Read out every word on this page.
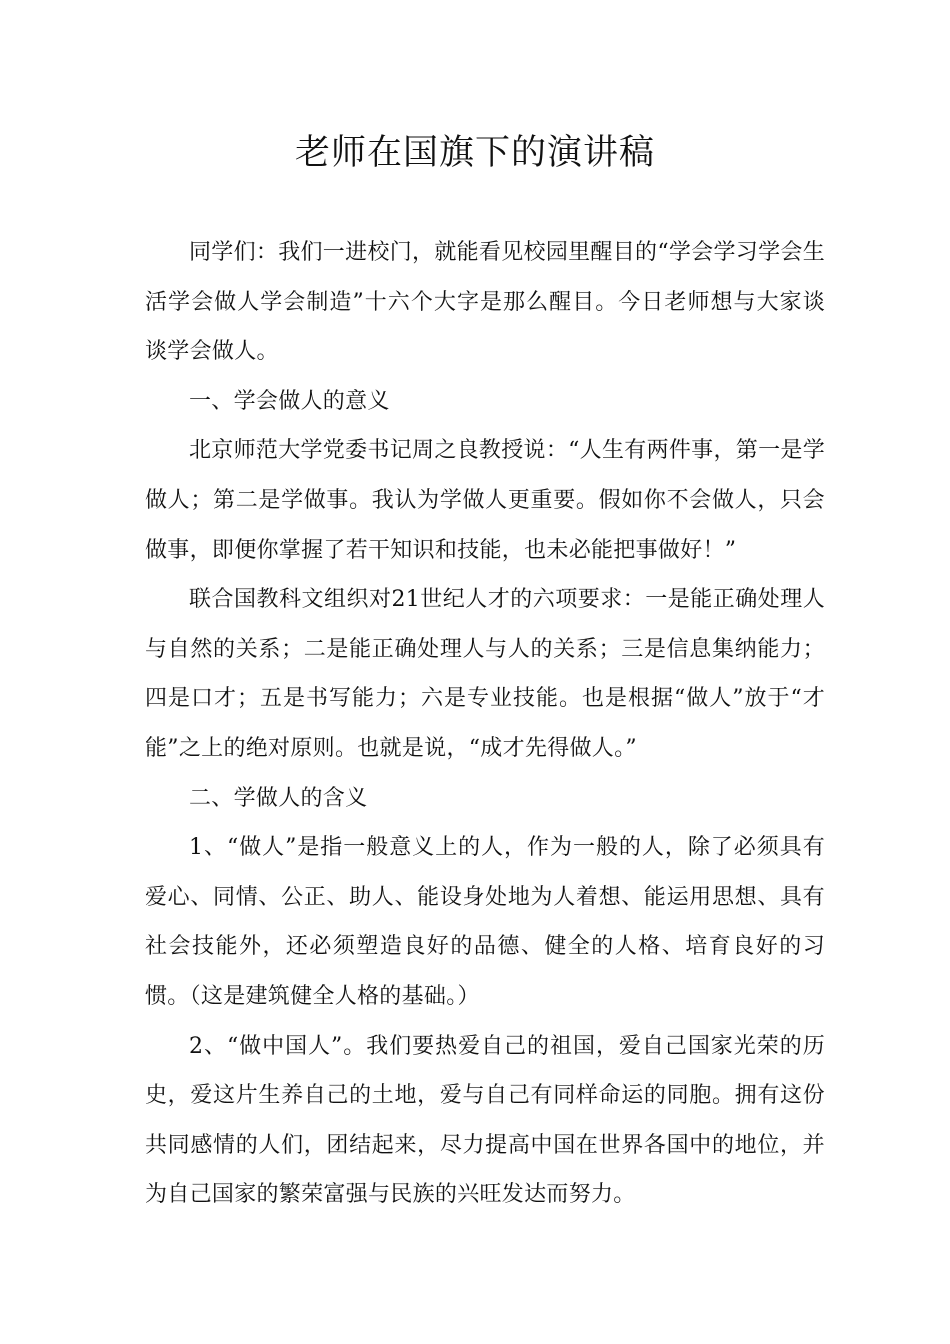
老师在国旗下的演讲稿

同学们：我们一进校门，就能看见校园里醒目的“学会学习学会生活学会做人学会制造”十六个大字是那么醒目。今日老师想与大家谈谈学会做人。

一、学会做人的意义

北京师范大学党委书记周之良教授说：“人生有两件事，第一是学做人；第二是学做事。我认为学做人更重要。假如你不会做人，只会做事，即便你掌握了若干知识和技能，也未必能把事做好！”

联合国教科文组织对21世纪人才的六项要求：一是能正确处理人与自然的关系；二是能正确处理人与人的关系；三是信息集纳能力；四是口才；五是书写能力；六是专业技能。也是根据“做人”放于“才能”之上的绝对原则。也就是说，“成才先得做人。”

二、学做人的含义

1、“做人”是指一般意义上的人，作为一般的人，除了必须具有爱心、同情、公正、助人、能设身处地为人着想、能运用思想、具有社会技能外，还必须塑造良好的品德、健全的人格、培育良好的习惯。（这是建筑健全人格的基础。）

2、“做中国人”。我们要热爱自己的祖国，爱自己国家光荣的历史，爱这片生养自己的土地，爱与自己有同样命运的同胞。拥有这份共同感情的人们，团结起来，尽力提高中国在世界各国中的地位，并为自己国家的繁荣富强与民族的兴旺发达而努力。
